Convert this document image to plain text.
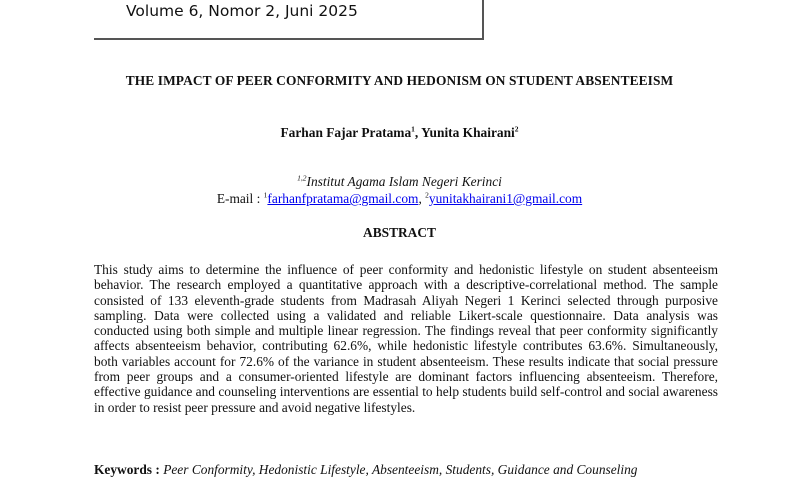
Volume 6, Nomor 2, Juni 2025
THE IMPACT OF PEER CONFORMITY AND HEDONISM ON STUDENT ABSENTEEISM
Farhan Fajar Pratama$^1$, Yunita Khairani$^2$
$^{1,2}$Institut Agama Islam Negeri Kerinci
E-mail : $^1$farhanfpratama@gmail.com, $^2$yunitakhairani1@gmail.com
ABSTRACT

This study aims to determine the influence of peer conformity and hedonistic lifestyle on student absenteeism behavior. The research employed a quantitative approach with a descriptive-correlational method. The sample consisted of 133 eleventh-grade students from Madrasah Aliyah Negeri 1 Kerinci selected through purposive sampling. Data were collected using a validated and reliable Likert-scale questionnaire. Data analysis was conducted using both simple and multiple linear regression. The findings reveal that peer conformity significantly affects absenteeism behavior, contributing 62.6%, while hedonistic lifestyle contributes 63.6%. Simultaneously, both variables account for 72.6% of the variance in student absenteeism. These results indicate that social pressure from peer groups and a consumer-oriented lifestyle are dominant factors influencing absenteeism. Therefore, effective guidance and counseling interventions are essential to help students build self-control and social awareness in order to resist peer pressure and avoid negative lifestyles.

Keywords : Peer Conformity, Hedonistic Lifestyle, Absenteeism, Students, Guidance and Counseling
